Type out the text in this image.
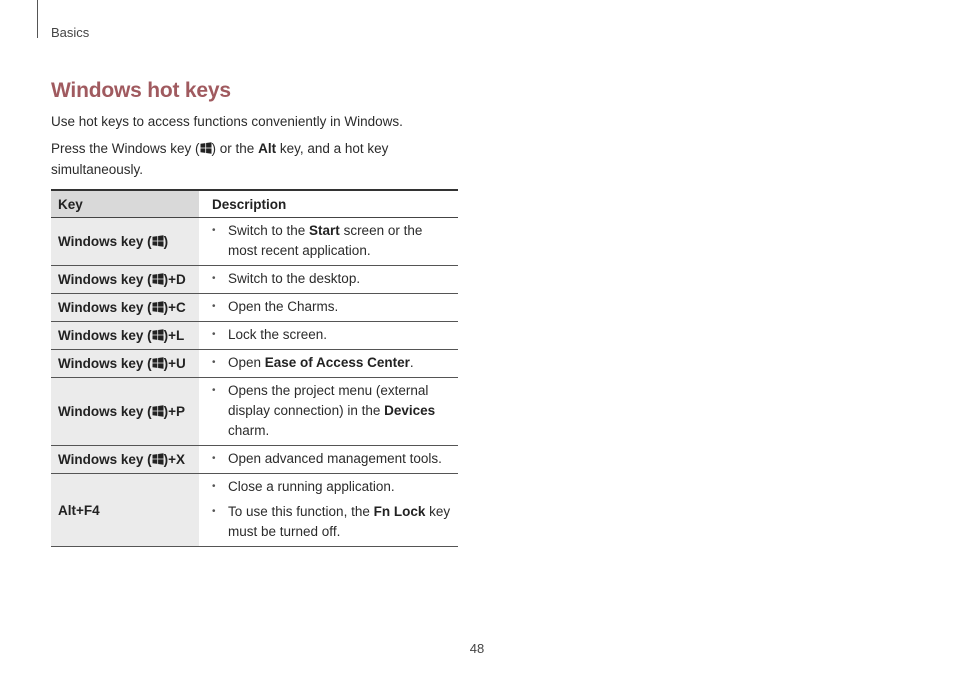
Basics
Windows hot keys
Use hot keys to access functions conveniently in Windows.
Press the Windows key ( ) or the Alt key, and a hot key simultaneously.
Key	Description
Windows key ( )	• Switch to the Start screen or the most recent application.

Windows key ( )+D	• Switch to the desktop.

Windows key ( )+C	• Open the Charms.

Windows key ( )+L	• Lock the screen.

Windows key ( )+U	• Open Ease of Access Center.

Windows key ( )+P	• Opens the project menu (external display connection) in the Devices charm.

Windows key ( )+X	• Open advanced management tools.

Alt+F4	• Close a running application.
• To use this function, the Fn Lock key must be turned off.
48
